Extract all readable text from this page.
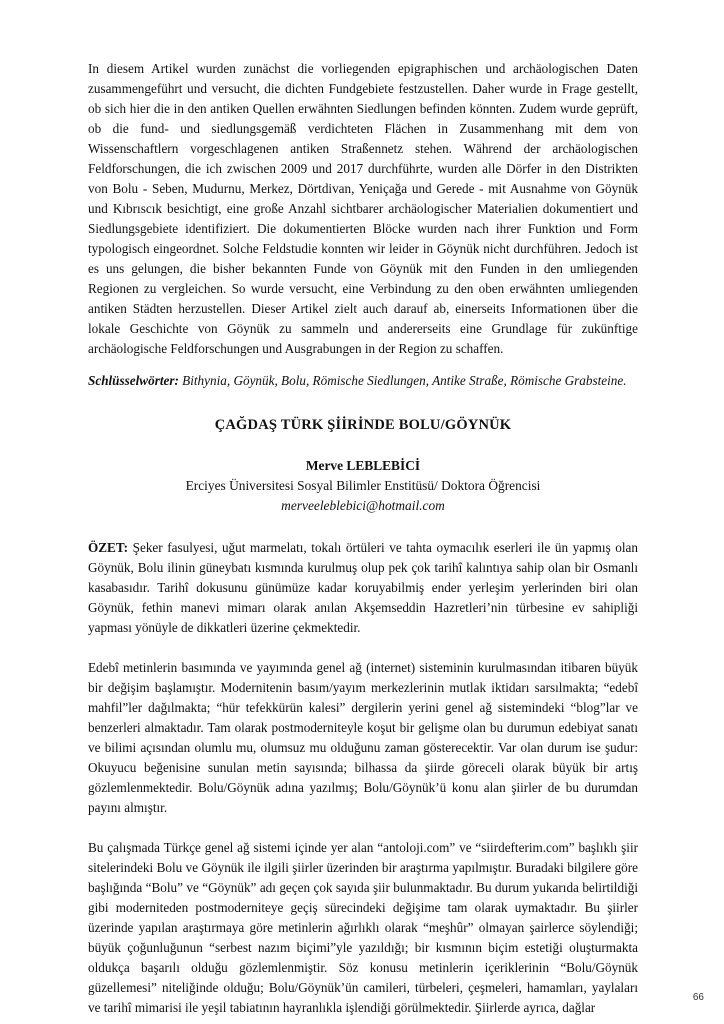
In diesem Artikel wurden zunächst die vorliegenden epigraphischen und archäologischen Daten zusammengeführt und versucht, die dichten Fundgebiete festzustellen. Daher wurde in Frage gestellt, ob sich hier die in den antiken Quellen erwähnten Siedlungen befinden könnten. Zudem wurde geprüft, ob die fund- und siedlungsgemäß verdichteten Flächen in Zusammenhang mit dem von Wissenschaftlern vorgeschlagenen antiken Straßennetz stehen. Während der archäologischen Feldforschungen, die ich zwischen 2009 und 2017 durchführte, wurden alle Dörfer in den Distrikten von Bolu - Seben, Mudurnu, Merkez, Dörtdivan, Yeniçağa und Gerede - mit Ausnahme von Göynük und Kıbrıscık besichtigt, eine große Anzahl sichtbarer archäologischer Materialien dokumentiert und Siedlungsgebiete identifiziert. Die dokumentierten Blöcke wurden nach ihrer Funktion und Form typologisch eingeordnet. Solche Feldstudie konnten wir leider in Göynük nicht durchführen. Jedoch ist es uns gelungen, die bisher bekannten Funde von Göynük mit den Funden in den umliegenden Regionen zu vergleichen. So wurde versucht, eine Verbindung zu den oben erwähnten umliegenden antiken Städten herzustellen. Dieser Artikel zielt auch darauf ab, einerseits Informationen über die lokale Geschichte von Göynük zu sammeln und andererseits eine Grundlage für zukünftige archäologische Feldforschungen und Ausgrabungen in der Region zu schaffen.

Schlüsselwörter: Bithynia, Göynük, Bolu, Römische Siedlungen, Antike Straße, Römische Grabsteine.

ÇAĞDAŞ TÜRK ŞİİRİNDE BOLU/GÖYNÜK
Merve LEBLEBİCİ
Erciyes Üniversitesi Sosyal Bilimler Enstitüsü/ Doktora Öğrencisi
merveeleblebici@hotmail.com

ÖZET: Şeker fasulyesi, uğut marmelatı, tokalı örtüleri ve tahta oymacılık eserleri ile ün yapmış olan Göynük, Bolu ilinin güneybatı kısmında kurulmuş olup pek çok tarihî kalıntıya sahip olan bir Osmanlı kasabasıdır. Tarihî dokusunu günümüze kadar koruyabilmiş ender yerleşim yerlerinden biri olan Göynük, fethin manevi mimarı olarak anılan Akşemseddin Hazretleri’nin türbesine ev sahipliği yapması yönüyle de dikkatleri üzerine çekmektedir.

Edebî metinlerin basımında ve yayımında genel ağ (internet) sisteminin kurulmasından itibaren büyük bir değişim başlamıştır. Modernitenin basım/yayım merkezlerinin mutlak iktidarı sarsılmakta; “edebî mahfil”ler dağılmakta; “hür tefekkürün kalesi” dergilerin yerini genel ağ sistemindeki “blog”lar ve benzerleri almaktadır. Tam olarak postmoderniteyle koşut bir gelişme olan bu durumun edebiyat sanatı ve bilimi açısından olumlu mu, olumsuz mu olduğunu zaman gösterecektir. Var olan durum ise şudur: Okuyucu beğenisine sunulan metin sayısında; bilhassa da şiirde göreceli olarak büyük bir artış gözlemlenmektedir. Bolu/Göynük adına yazılmış; Bolu/Göynük’ü konu alan şiirler de bu durumdan payını almıştır.

Bu çalışmada Türkçe genel ağ sistemi içinde yer alan “antoloji.com” ve “siirdefterim.com” başlıklı şiir sitelerindeki Bolu ve Göynük ile ilgili şiirler üzerinden bir araştırma yapılmıştır. Buradaki bilgilere göre başlığında “Bolu” ve “Göynük” adı geçen çok sayıda şiir bulunmaktadır. Bu durum yukarıda belirtildiği gibi moderniteden postmoderniteye geçiş sürecindeki değişime tam olarak uymaktadır. Bu şiirler üzerinde yapılan araştırmaya göre metinlerin ağırlıklı olarak “meşhûr” olmayan şairlerce söylendiği; büyük çoğunluğunun “serbest nazım biçimi”yle yazıldığı; bir kısmının biçim estetiği oluşturmakta oldukça başarılı olduğu gözlemlenmiştir. Söz konusu metinlerin içeriklerinin “Bolu/Göynük güzellemesi” niteliğinde olduğu; Bolu/Göynük’ün camileri, türbeleri, çeşmeleri, hamamları, yaylaları ve tarihî mimarisi ile yeşil tabiatının hayranlıkla işlendiği görülmektedir. Şiirlerde ayrıca, dağlar

66
